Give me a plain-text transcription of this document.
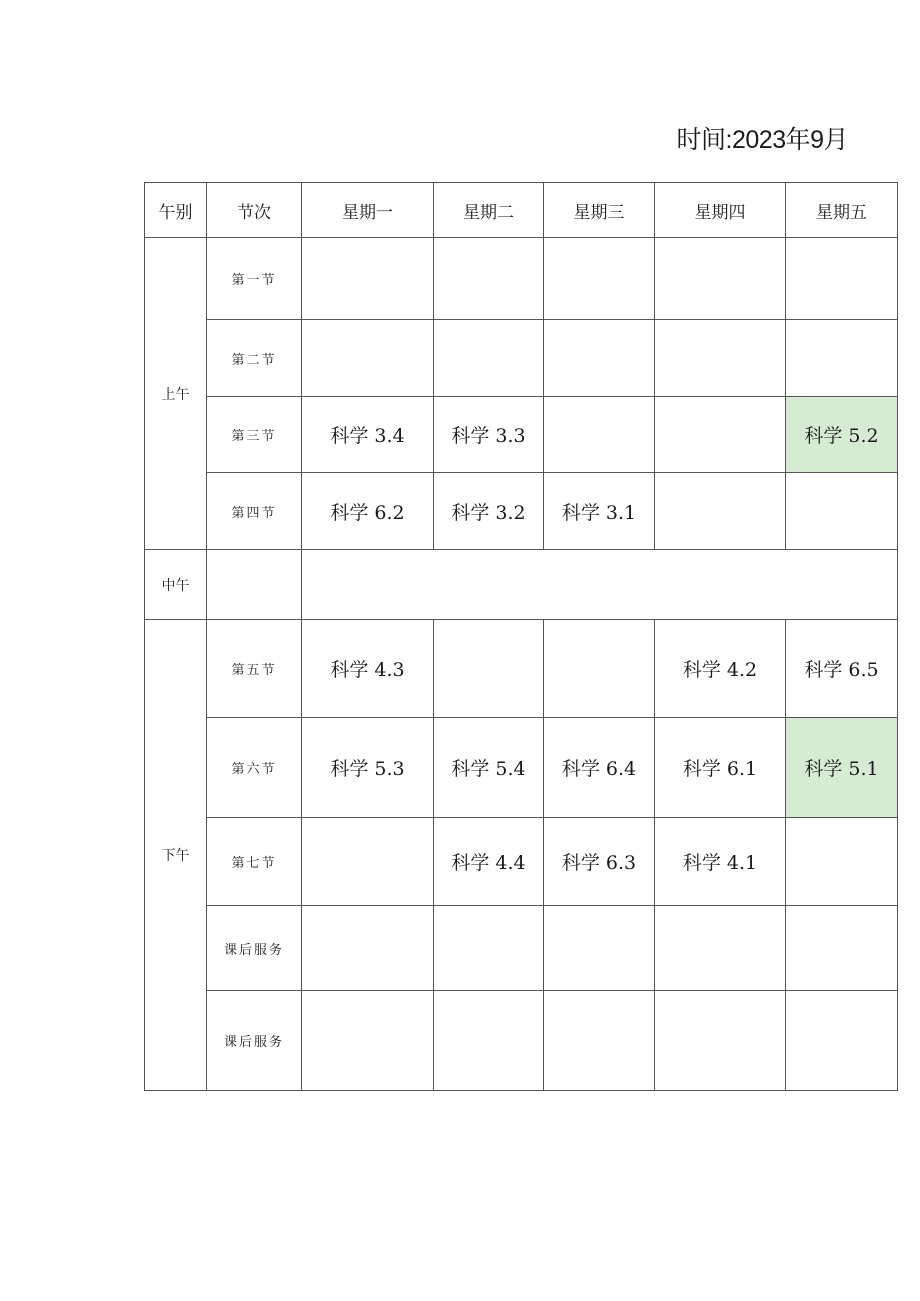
时间:2023年9月
午别	节次	星期一	星期二	星期三	星期四	星期五
上午	第一节					
	第二节					
	第三节	科学 3.4	科学 3.3			科学 5.2
	第四节	科学 6.2	科学 3.2	科学 3.1		
中午						
下午	第五节	科学 4.3			科学 4.2	科学 6.5
	第六节	科学 5.3	科学 5.4	科学 6.4	科学 6.1	科学 5.1
	第七节		科学 4.4	科学 6.3	科学 4.1	
	课后服务					
	课后服务					
